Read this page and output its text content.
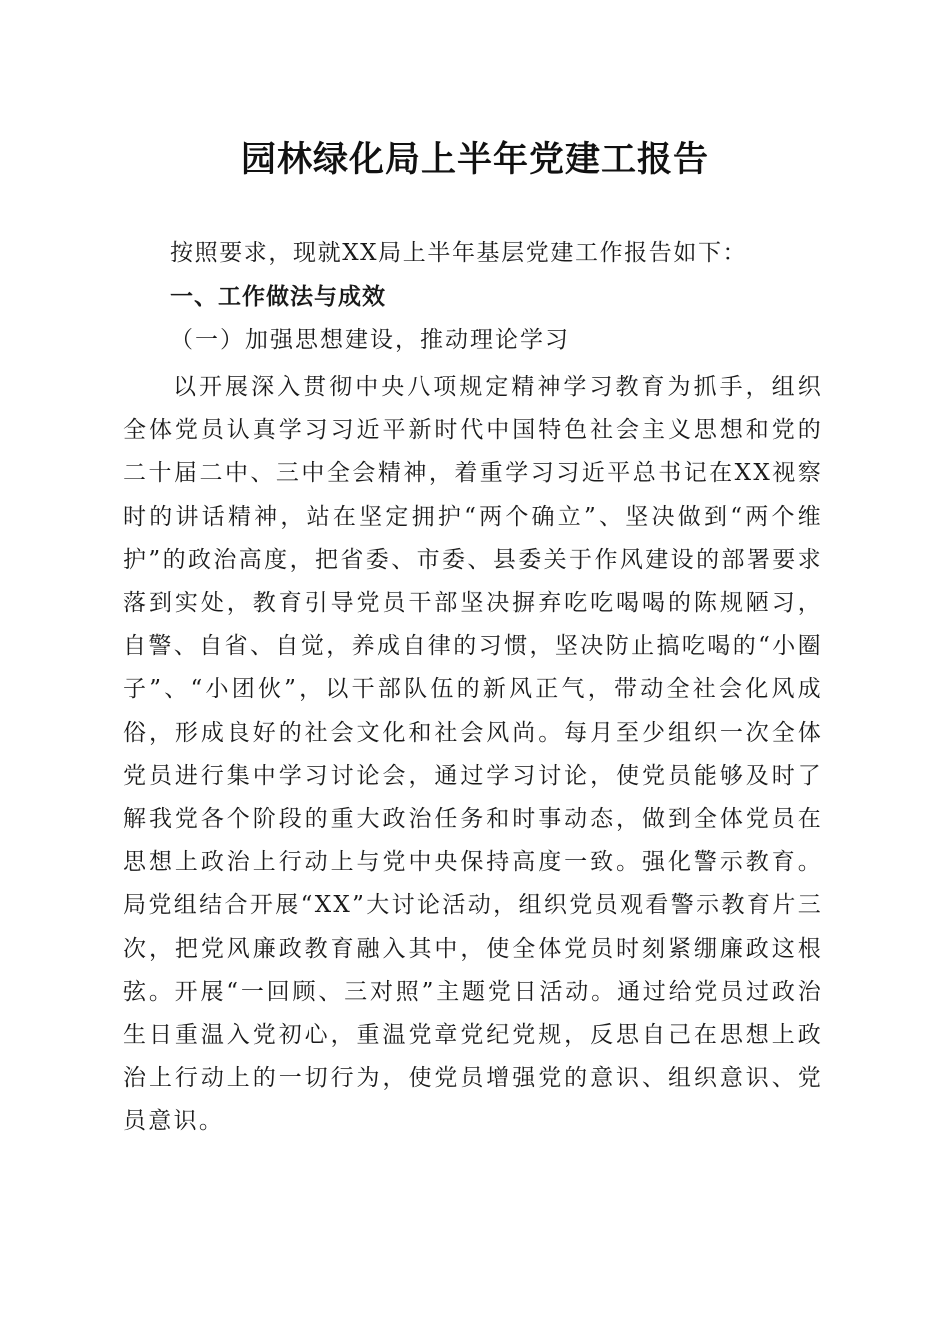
园林绿化局上半年党建工报告
按照要求，现就XX局上半年基层党建工作报告如下：
一、工作做法与成效
（一）加强思想建设，推动理论学习

以开展深入贯彻中央八项规定精神学习教育为抓手，组织全体党员认真学习习近平新时代中国特色社会主义思想和党的二十届二中、三中全会精神，着重学习习近平总书记在XX视察时的讲话精神，站在坚定拥护“两个确立”、坚决做到“两个维护”的政治高度，把省委、市委、县委关于作风建设的部署要求落到实处，教育引导党员干部坚决摒弃吃吃喝喝的陈规陋习，自警、自省、自觉，养成自律的习惯，坚决防止搞吃喝的“小圈子”、“小团伙”，以干部队伍的新风正气，带动全社会化风成俗，形成良好的社会文化和社会风尚。每月至少组织一次全体党员进行集中学习讨论会，通过学习讨论，使党员能够及时了解我党各个阶段的重大政治任务和时事动态，做到全体党员在思想上政治上行动上与党中央保持高度一致。强化警示教育。局党组结合开展“XX”大讨论活动，组织党员观看警示教育片三次，把党风廉政教育融入其中，使全体党员时刻紧绷廉政这根弦。开展“一回顾、三对照”主题党日活动。通过给党员过政治生日重温入党初心，重温党章党纪党规，反思自己在思想上政治上行动上的一切行为，使党员增强党的意识、组织意识、党员意识。
